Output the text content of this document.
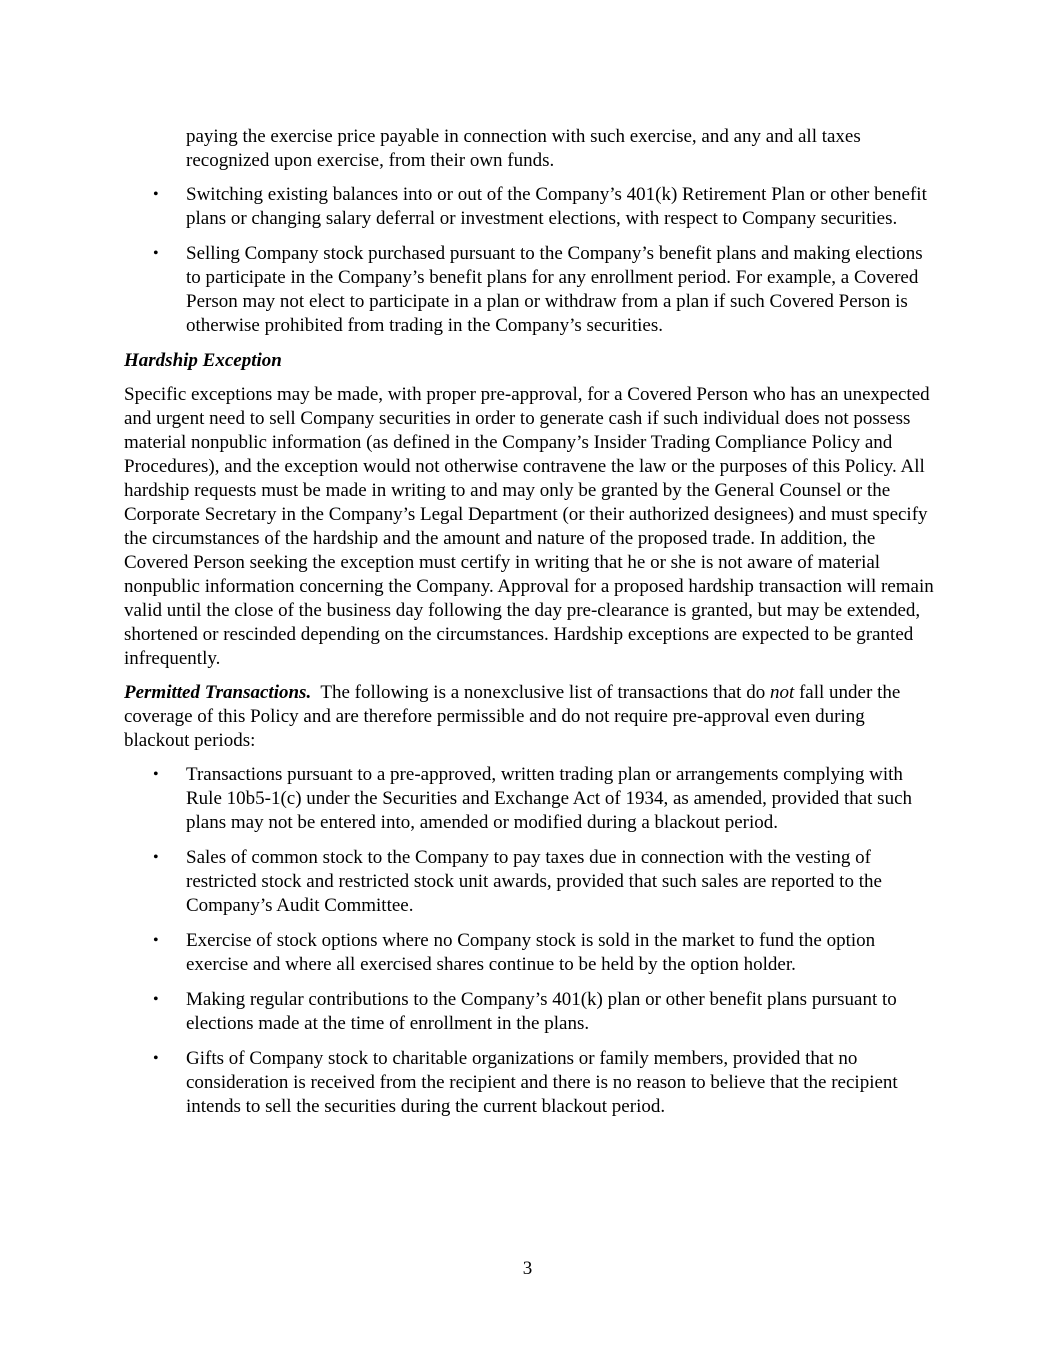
paying the exercise price payable in connection with such exercise, and any and all taxes recognized upon exercise, from their own funds.

• Switching existing balances into or out of the Company’s 401(k) Retirement Plan or other benefit plans or changing salary deferral or investment elections, with respect to Company securities.
• Selling Company stock purchased pursuant to the Company’s benefit plans and making elections to participate in the Company’s benefit plans for any enrollment period. For example, a Covered Person may not elect to participate in a plan or withdraw from a plan if such Covered Person is otherwise prohibited from trading in the Company’s securities.

Hardship Exception

Specific exceptions may be made, with proper pre-approval, for a Covered Person who has an unexpected and urgent need to sell Company securities in order to generate cash if such individual does not possess material nonpublic information (as defined in the Company’s Insider Trading Compliance Policy and Procedures), and the exception would not otherwise contravene the law or the purposes of this Policy. All hardship requests must be made in writing to and may only be granted by the General Counsel or the Corporate Secretary in the Company’s Legal Department (or their authorized designees) and must specify the circumstances of the hardship and the amount and nature of the proposed trade. In addition, the Covered Person seeking the exception must certify in writing that he or she is not aware of material nonpublic information concerning the Company. Approval for a proposed hardship transaction will remain valid until the close of the business day following the day pre-clearance is granted, but may be extended, shortened or rescinded depending on the circumstances. Hardship exceptions are expected to be granted infrequently.

Permitted Transactions.  The following is a nonexclusive list of transactions that do not fall under the coverage of this Policy and are therefore permissible and do not require pre-approval even during blackout periods:

• Transactions pursuant to a pre-approved, written trading plan or arrangements complying with Rule 10b5-1(c) under the Securities and Exchange Act of 1934, as amended, provided that such plans may not be entered into, amended or modified during a blackout period.
• Sales of common stock to the Company to pay taxes due in connection with the vesting of restricted stock and restricted stock unit awards, provided that such sales are reported to the Company’s Audit Committee.
• Exercise of stock options where no Company stock is sold in the market to fund the option exercise and where all exercised shares continue to be held by the option holder.
• Making regular contributions to the Company’s 401(k) plan or other benefit plans pursuant to elections made at the time of enrollment in the plans.
• Gifts of Company stock to charitable organizations or family members, provided that no consideration is received from the recipient and there is no reason to believe that the recipient intends to sell the securities during the current blackout period.
3
